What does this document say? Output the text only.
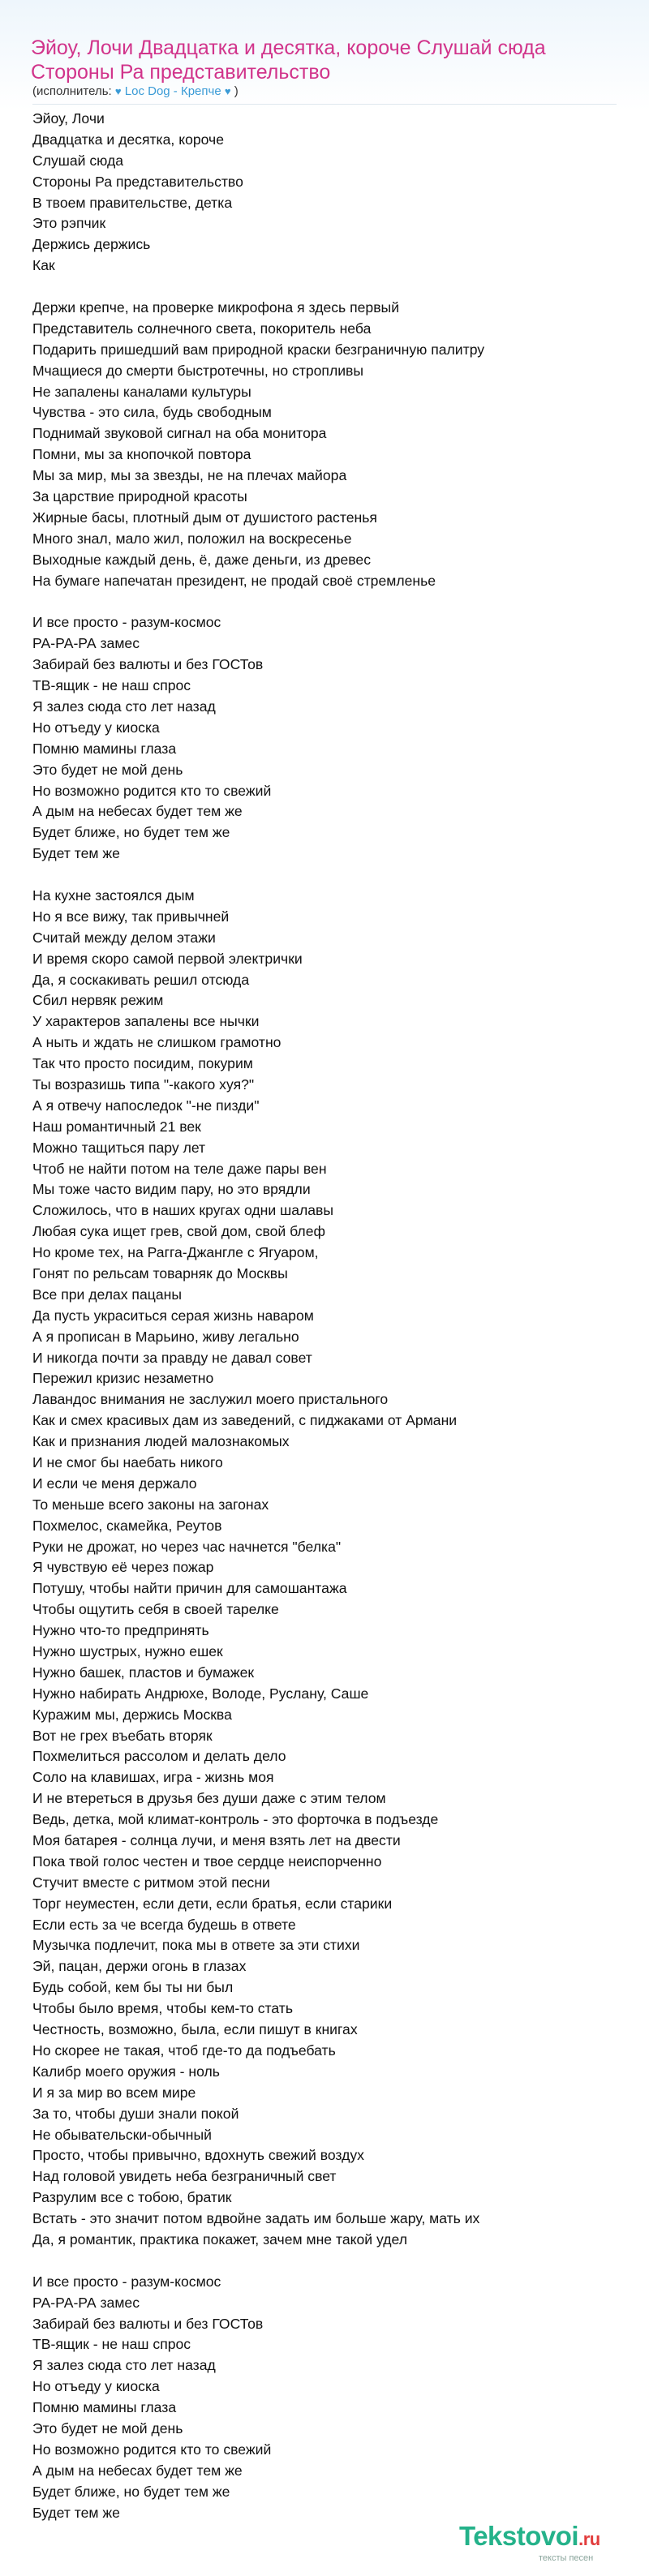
Эйоу, Лочи Двадцатка и десятка, короче Слушай сюда Стороны Ра представительство
(исполнитель: ♥ Loc Dog - Крепче ♥ )
Эйоу, Лочи
Двадцатка и десятка, короче
Слушай сюда
Стороны Ра представительство
В твоем правительстве, детка
Это рэпчик
Держись держись
Как
Держи крепче, на проверке микрофона я здесь первый
Представитель солнечного света, покоритель неба
Подарить пришедший вам природной краски безграничную палитру
Мчащиеся до смерти быстротечны, но стропливы
Не запалены каналами культуры
Чувства - это сила, будь свободным
Поднимай звуковой сигнал на оба монитора
Помни, мы за кнопочкой повтора
Мы за мир, мы за звезды, не на плечах майора
За царствие природной красоты
Жирные басы, плотный дым от душистого растенья
Много знал, мало жил, положил на воскресенье
Выходные каждый день, ё, даже деньги, из древес
На бумаге напечатан президент, не продай своё стремленье
И все просто - разум-космос
РА-РА-РА замес
Забирай без валюты и без ГОСТов
ТВ-ящик - не наш спрос
Я залез сюда сто лет назад
Но отъеду у киоска
Помню мамины глаза
Это будет не мой день
Но возможно родится кто то свежий
А дым на небесах будет тем же
Будет ближе, но будет тем же
Будет тем же
На кухне застоялся дым
Но я все вижу, так привычней
Считай между делом этажи
И время скоро самой первой электрички
Да, я соскакивать решил отсюда
Сбил нервяк режим
У характеров запалены все нычки
А ныть и ждать не слишком грамотно
Так что просто посидим, покурим
Ты возразишь типа "-какого хуя?"
А я отвечу напоследок "-не пизди"
Наш романтичный 21 век
Можно тащиться пару лет
Чтоб не найти потом на теле даже пары вен
Мы тоже часто видим пару, но это врядли
Сложилось, что в наших кругах одни шалавы
Любая сука ищет грев, свой дом, свой блеф
Но кроме тех, на Рагга-Джангле с Ягуаром,
Гонят по рельсам товарняк до Москвы
Все при делах пацаны
Да пусть украситься серая жизнь наваром
А я прописан в Марьино, живу легально
И никогда почти за правду не давал совет
Пережил кризис незаметно
Лавандос внимания не заслужил моего пристального
Как и смех красивых дам из заведений, с пиджаками от Армани
Как и признания людей малознакомых
И не смог бы наебать никого
И если че меня держало
То меньше всего законы на загонах
Похмелос, скамейка, Реутов
Руки не дрожат, но через час начнется "белка"
Я чувствую её через пожар
Потушу, чтобы найти причин для самошантажа
Чтобы ощутить себя в своей тарелке
Нужно что-то предпринять
Нужно шустрых, нужно ешек
Нужно башек, пластов и бумажек
Нужно набирать Андрюхе, Володе, Руслану, Саше
Куражим мы, держись Москва
Вот не грех въебать вторяк
Похмелиться рассолом и делать дело
Соло на клавишах, игра - жизнь моя
И не втереться в друзья без души даже с этим телом
Ведь, детка, мой климат-контроль - это форточка в подъезде
Моя батарея - солнца лучи, и меня взять лет на двести
Пока твой голос честен и твое сердце неиспорченно
Стучит вместе с ритмом этой песни
Торг неуместен, если дети, если братья, если старики
Если есть за че всегда будешь в ответе
Музычка подлечит, пока мы в ответе за эти стихи
Эй, пацан, держи огонь в глазах
Будь собой, кем бы ты ни был
Чтобы было время, чтобы кем-то стать
Честность, возможно, была, если пишут в книгах
Но скорее не такая, чтоб где-то да подъебать
Калибр моего оружия - ноль
И я за мир во всем мире
За то, чтобы души знали покой
Не обывательски-обычный
Просто, чтобы привычно, вдохнуть свежий воздух
Над головой увидеть неба безграничный свет
Разрулим все с тобою, братик
Встать - это значит потом вдвойне задать им больше жару, мать их
Да, я романтик, практика покажет, зачем мне такой удел
И все просто - разум-космос
РА-РА-РА замес
Забирай без валюты и без ГОСТов
ТВ-ящик - не наш спрос
Я залез сюда сто лет назад
Но отъеду у киоска
Помню мамины глаза
Это будет не мой день
Но возможно родится кто то свежий
А дым на небесах будет тем же
Будет ближе, но будет тем же
Будет тем же
Tekstovoi.ru
тексты песен
